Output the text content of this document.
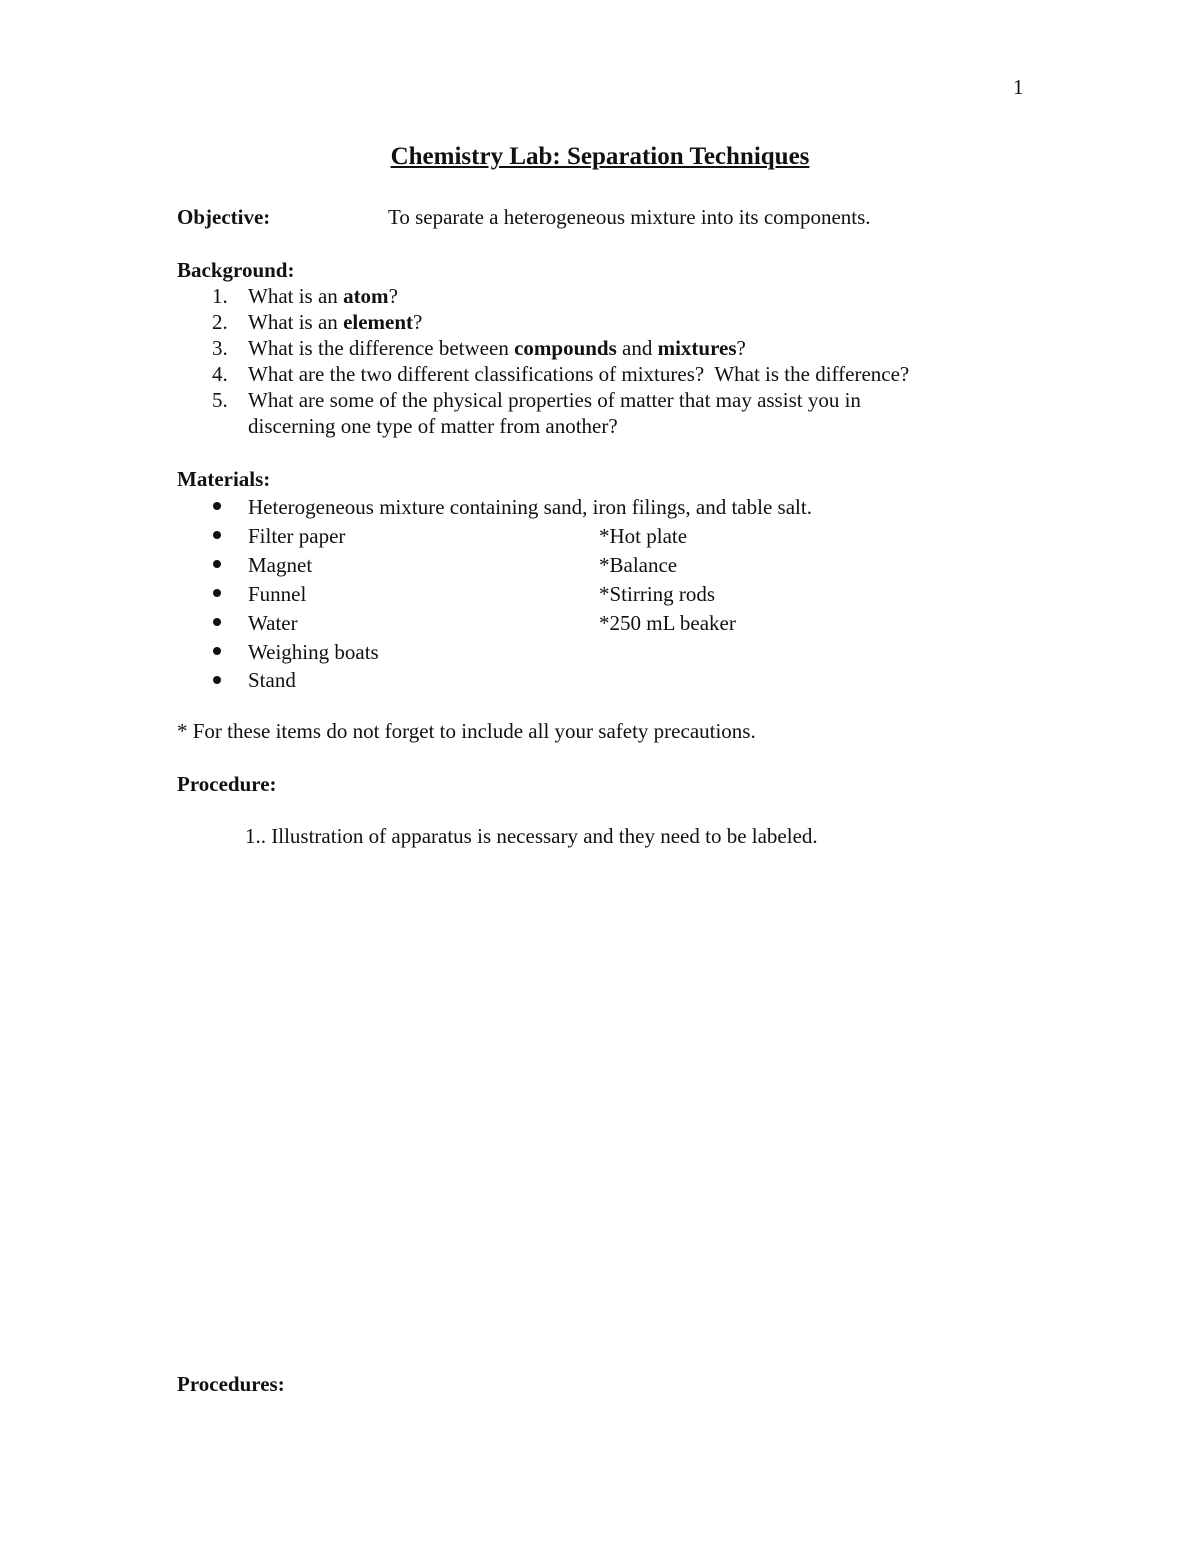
1
Chemistry Lab: Separation Techniques
Objective:	To separate a heterogeneous mixture into its components.
Background:
1. What is an atom?
2. What is an element?
3. What is the difference between compounds and mixtures?
4. What are the two different classifications of mixtures?  What is the difference?
5. What are some of the physical properties of matter that may assist you in
discerning one type of matter from another?
Materials:
Heterogeneous mixture containing sand, iron filings, and table salt.
Filter paper	*Hot plate
Magnet	*Balance
Funnel	*Stirring rods
Water	*250 mL beaker
Weighing boats
Stand
* For these items do not forget to include all your safety precautions.
Procedure:
1.. Illustration of apparatus is necessary and they need to be labeled.
Procedures:
